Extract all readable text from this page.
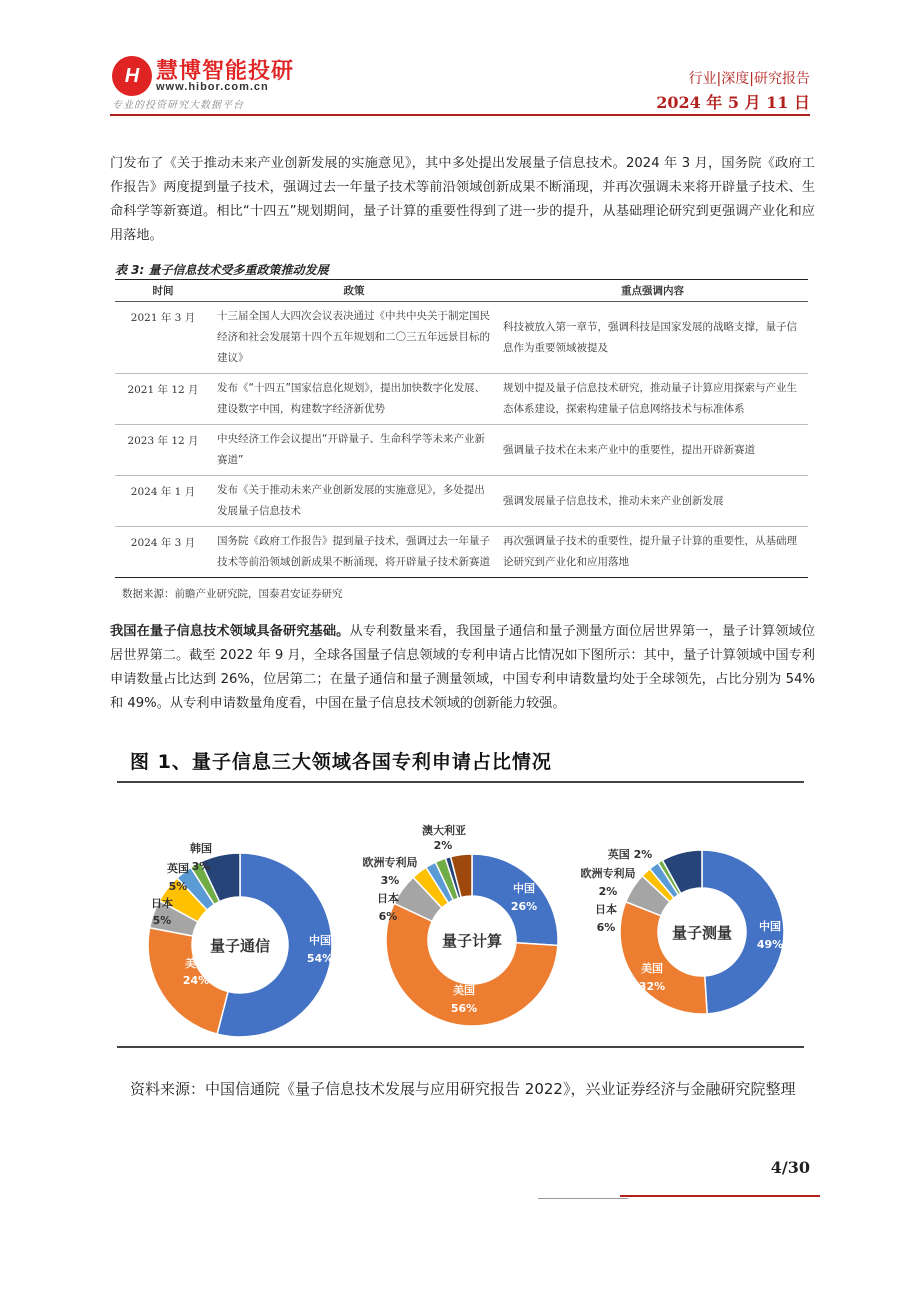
H 慧博智能投研
www.hibor.com.cn
专业的投资研究大数据平台
行业|深度|研究报告
2024 年 5 月 11 日
门发布了《关于推动未来产业创新发展的实施意见》，其中多处提出发展量子信息技术。2024 年 3 月，国务院《政府工作报告》两度提到量子技术，强调过去一年量子技术等前沿领域创新成果不断涌现，并再次强调未来将开辟量子技术、生命科学等新赛道。相比“十四五”规划期间，量子计算的重要性得到了进一步的提升，从基础理论研究到更强调产业化和应用落地。
表 3: 量子信息技术受多重政策推动发展
时间	政策	重点强调内容
2021 年 3 月	十三届全国人大四次会议表决通过《中共中央关于制定国民经济和社会发展第十四个五年规划和二〇三五年远景目标的建议》	科技被放入第一章节，强调科技是国家发展的战略支撑，量子信息作为重要领域被提及
2021 年 12 月	发布《“十四五”国家信息化规划》，提出加快数字化发展、建设数字中国，构建数字经济新优势	规划中提及量子信息技术研究，推动量子计算应用探索与产业生态体系建设，探索构建量子信息网络技术与标准体系
2023 年 12 月	中央经济工作会议提出“开辟量子、生命科学等未来产业新赛道”	强调量子技术在未来产业中的重要性，提出开辟新赛道
2024 年 1 月	发布《关于推动未来产业创新发展的实施意见》，多处提出发展量子信息技术	强调发展量子信息技术，推动未来产业创新发展
2024 年 3 月	国务院《政府工作报告》提到量子技术，强调过去一年量子技术等前沿领域创新成果不断涌现，将开辟量子技术新赛道	再次强调量子技术的重要性，提升量子计算的重要性，从基础理论研究到产业化和应用落地
数据来源：前瞻产业研究院，国泰君安证券研究
我国在量子信息技术领域具备研究基础。从专利数量来看，我国量子通信和量子测量方面位居世界第一，量子计算领域位居世界第二。截至 2022 年 9 月，全球各国量子信息领域的专利申请占比情况如下图所示：其中，量子计算领域中国专利申请数量占比达到 26%，位居第二；在量子通信和量子测量领域，中国专利申请数量均处于全球领先，占比分别为 54%和 49%。从专利申请数量角度看，中国在量子信息技术领域的创新能力较强。
图 1、量子信息三大领域各国专利申请占比情况
量子通信	量子计算	量子测量
中国
54%
美国
24%
日本
5%
英国
5%
韩国
3%
中国
26%
美国
56%
日本
6%
3%
欧洲专利局
2%
澳大利亚
中国
49%
美国
32%
日本
6%
欧洲专利局
2%
英国 2%
资料来源：中国信通院《量子信息技术发展与应用研究报告 2022》，兴业证券经济与金融研究院整理
4/30
